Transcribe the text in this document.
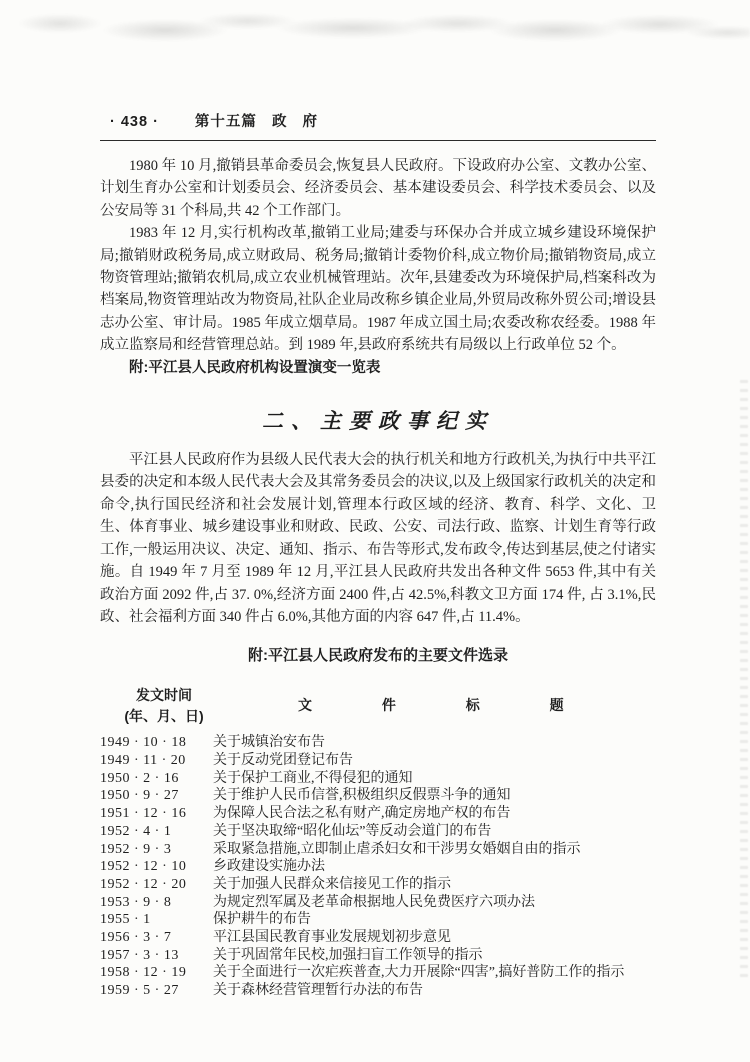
· 438 · 第十五篇 政 府

1980 年 10 月,撤销县革命委员会,恢复县人民政府。下设政府办公室、文教办公室、计划生育办公室和计划委员会、经济委员会、基本建设委员会、科学技术委员会、以及公安局等 31 个科局,共 42 个工作部门。

1983 年 12 月,实行机构改革,撤销工业局;建委与环保办合并成立城乡建设环境保护局;撤销财政税务局,成立财政局、税务局;撤销计委物价科,成立物价局;撤销物资局,成立物资管理站;撤销农机局,成立农业机械管理站。次年,县建委改为环境保护局,档案科改为档案局,物资管理站改为物资局,社队企业局改称乡镇企业局,外贸局改称外贸公司;增设县志办公室、审计局。1985 年成立烟草局。1987 年成立国土局;农委改称农经委。1988 年成立监察局和经营管理总站。到 1989 年,县政府系统共有局级以上行政单位 52 个。

附:平江县人民政府机构设置演变一览表

二、主要政事纪实

平江县人民政府作为县级人民代表大会的执行机关和地方行政机关,为执行中共平江县委的决定和本级人民代表大会及其常务委员会的决议,以及上级国家行政机关的决定和命令,执行国民经济和社会发展计划,管理本行政区域的经济、教育、科学、文化、卫生、体育事业、城乡建设事业和财政、民政、公安、司法行政、监察、计划生育等行政工作,一般运用决议、决定、通知、指示、布告等形式,发布政令,传达到基层,使之付诸实施。自 1949 年 7 月至 1989 年 12 月,平江县人民政府共发出各种文件 5653 件,其中有关政治方面 2092 件,占 37. 0%,经济方面 2400 件,占 42.5%,科教文卫方面 174 件, 占 3.1%,民政、社会福利方面 340 件占 6.0%,其他方面的内容 647 件,占 11.4%。

附:平江县人民政府发布的主要文件选录

发文时间
(年、月、日)
文 件 标 题
1949 · 10 · 18	关于城镇治安布告
1949 · 11 · 20	关于反动党团登记布告
1950 · 2 · 16	关于保护工商业,不得侵犯的通知
1950 · 9 · 27	关于维护人民币信誉,积极组织反假票斗争的通知
1951 · 12 · 16	为保障人民合法之私有财产,确定房地产权的布告
1952 · 4 · 1	关于坚决取缔“昭化仙坛”等反动会道门的布告
1952 · 9 · 3	采取紧急措施,立即制止虐杀妇女和干涉男女婚姻自由的指示
1952 · 12 · 10	乡政建设实施办法
1952 · 12 · 20	关于加强人民群众来信接见工作的指示
1953 · 9 · 8	为规定烈军属及老革命根据地人民免费医疗六项办法
1955 · 1	保护耕牛的布告
1956 · 3 · 7	平江县国民教育事业发展规划初步意见
1957 · 3 · 13	关于巩固常年民校,加强扫盲工作领导的指示
1958 · 12 · 19	关于全面进行一次疟疾普查,大力开展除“四害”,搞好普防工作的指示
1959 · 5 · 27	关于森林经营管理暂行办法的布告
